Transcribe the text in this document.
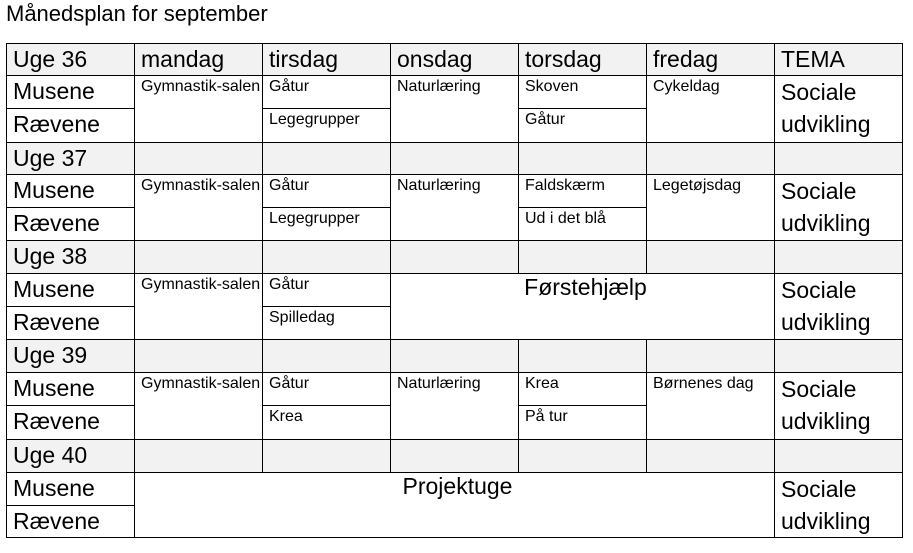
Månedsplan for september
Uge 36	mandag	tirsdag	onsdag	torsdag	fredag	TEMA
Musene	Gymnastik-salen	Gåtur	Naturlæring	Skoven	Cykeldag	Sociale udvikling
Rævene		Legegrupper		Gåtur		
Uge 37						
Musene	Gymnastik-salen	Gåtur	Naturlæring	Faldskærm	Legetøjsdag	Sociale udvikling
Rævene		Legegrupper		Ud i det blå		
Uge 38						
Musene	Gymnastik-salen	Gåtur	Førstehjælp			Sociale udvikling
Rævene		Spilledag				
Uge 39						
Musene	Gymnastik-salen	Gåtur	Naturlæring	Krea	Børnenes dag	Sociale udvikling
Rævene		Krea		På tur		
Uge 40						
Musene	Projektuge					Sociale udvikling
Rævene						
